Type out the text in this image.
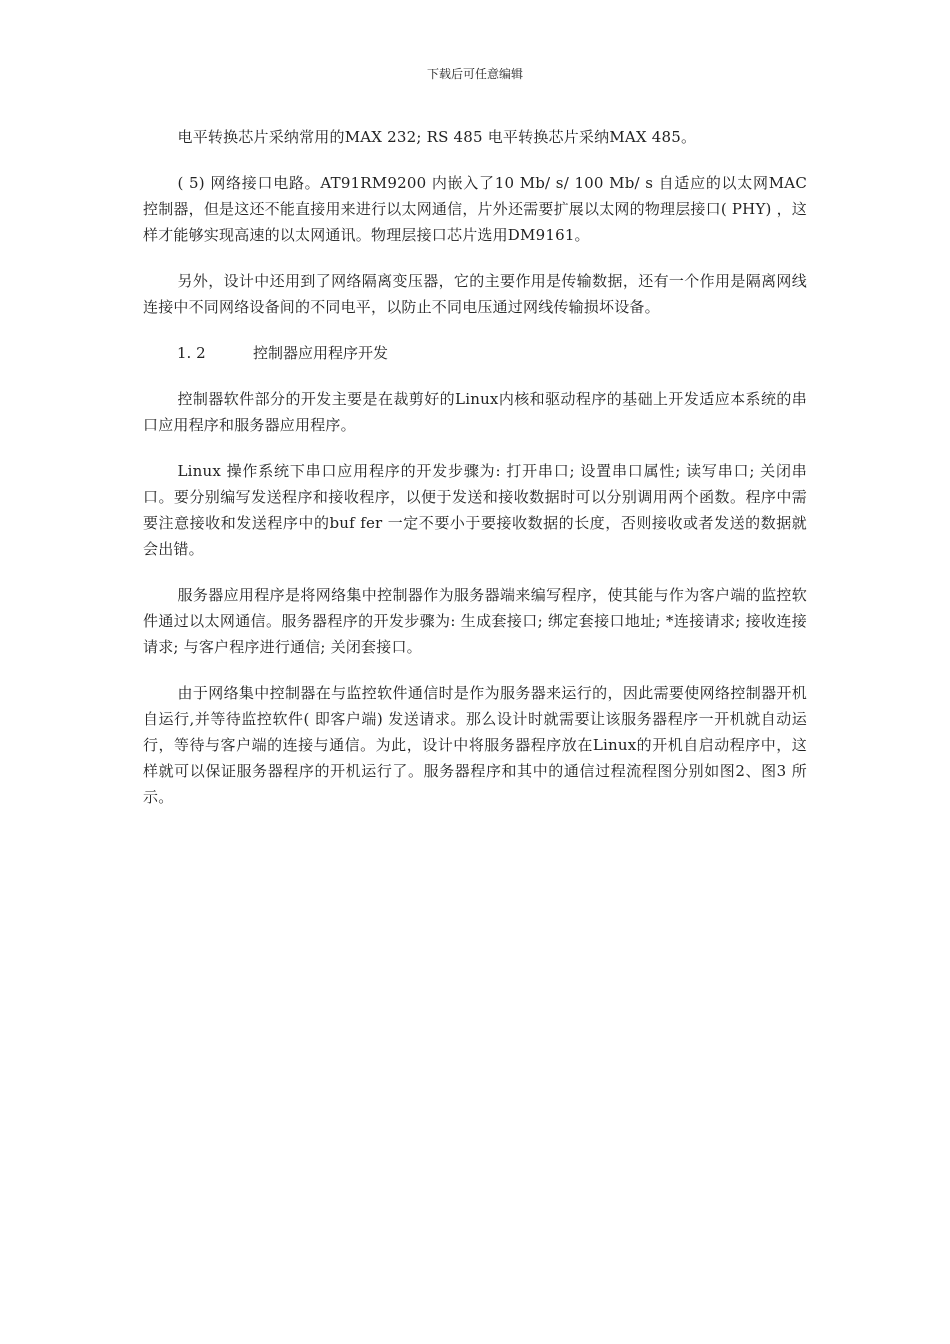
下载后可任意编辑

电平转换芯片采纳常用的MAX 232; RS 485 电平转换芯片采纳MAX 485。

( 5) 网络接口电路。AT91RM9200 内嵌入了10 Mb/ s/ 100 Mb/ s 自适应的以太网MAC 控制器，但是这还不能直接用来进行以太网通信，片外还需要扩展以太网的物理层接口( PHY) ，这样才能够实现高速的以太网通讯。物理层接口芯片选用DM9161。

另外，设计中还用到了网络隔离变压器，它的主要作用是传输数据，还有一个作用是隔离网线连接中不同网络设备间的不同电平，以防止不同电压通过网线传输损坏设备。

1. 2	控制器应用程序开发

控制器软件部分的开发主要是在裁剪好的Linux内核和驱动程序的基础上开发适应本系统的串口应用程序和服务器应用程序。

Linux 操作系统下串口应用程序的开发步骤为: 打开串口; 设置串口属性; 读写串口; 关闭串口。要分别编写发送程序和接收程序，以便于发送和接收数据时可以分别调用两个函数。程序中需要注意接收和发送程序中的buf fer 一定不要小于要接收数据的长度，否则接收或者发送的数据就会出错。

服务器应用程序是将网络集中控制器作为服务器端来编写程序，使其能与作为客户端的监控软件通过以太网通信。服务器程序的开发步骤为: 生成套接口; 绑定套接口地址; *连接请求; 接收连接请求; 与客户程序进行通信; 关闭套接口。

由于网络集中控制器在与监控软件通信时是作为服务器来运行的，因此需要使网络控制器开机自运行,并等待监控软件( 即客户端) 发送请求。那么设计时就需要让该服务器程序一开机就自动运行，等待与客户端的连接与通信。为此，设计中将服务器程序放在Linux的开机自启动程序中，这样就可以保证服务器程序的开机运行了。服务器程序和其中的通信过程流程图分别如图2、图3 所示。
